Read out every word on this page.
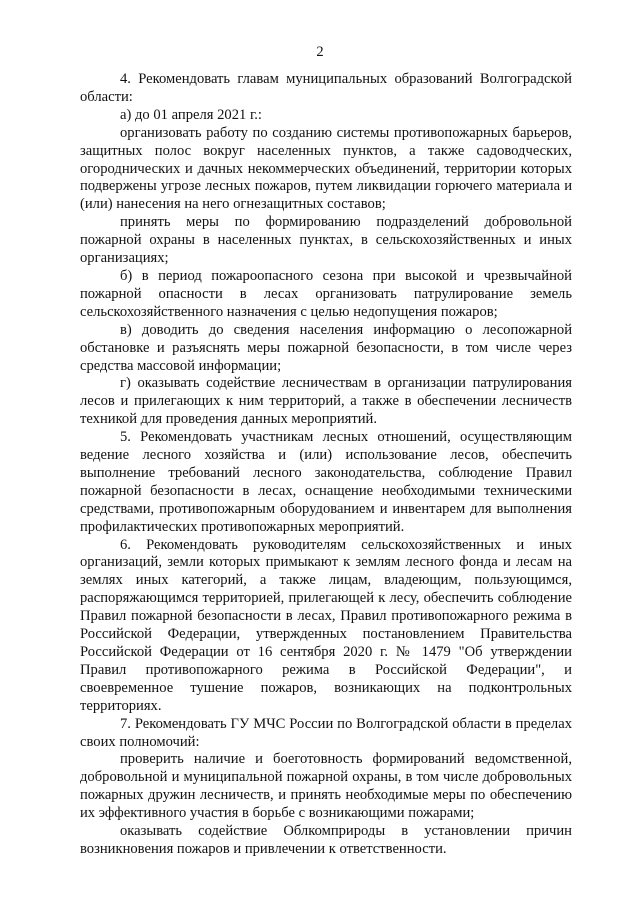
2

4. Рекомендовать главам муниципальных образований Волгоградской области:

а) до 01 апреля 2021 г.:

организовать работу по созданию системы противопожарных барьеров, защитных полос вокруг населенных пунктов, а также садоводческих, огороднических и дачных некоммерческих объединений, территории которых подвержены угрозе лесных пожаров, путем ликвидации горючего материала и (или) нанесения на него огнезащитных составов;

принять меры по формированию подразделений добровольной пожарной охраны в населенных пунктах, в сельскохозяйственных и иных организациях;

б) в период пожароопасного сезона при высокой и чрезвычайной пожарной опасности в лесах организовать патрулирование земель сельскохозяйственного назначения с целью недопущения пожаров;

в) доводить до сведения населения информацию о лесопожарной обстановке и разъяснять меры пожарной безопасности, в том числе через средства массовой информации;

г) оказывать содействие лесничествам в организации патрулирования лесов и прилегающих к ним территорий, а также в обеспечении лесничеств техникой для проведения данных мероприятий.

5. Рекомендовать участникам лесных отношений, осуществляющим ведение лесного хозяйства и (или) использование лесов, обеспечить выполнение требований лесного законодательства, соблюдение Правил пожарной безопасности в лесах, оснащение необходимыми техническими средствами, противопожарным оборудованием и инвентарем для выполнения профилактических противопожарных мероприятий.

6. Рекомендовать руководителям сельскохозяйственных и иных организаций, земли которых примыкают к землям лесного фонда и лесам на землях иных категорий, а также лицам, владеющим, пользующимся, распоряжающимся территорией, прилегающей к лесу, обеспечить соблюдение Правил пожарной безопасности в лесах, Правил противопожарного режима в Российской Федерации, утвержденных постановлением Правительства Российской Федерации от 16 сентября 2020 г. № 1479 "Об утверждении Правил противопожарного режима в Российской Федерации", и своевременное тушение пожаров, возникающих на подконтрольных территориях.

7. Рекомендовать ГУ МЧС России по Волгоградской области в пределах своих полномочий:

проверить наличие и боеготовность формирований ведомственной, добровольной и муниципальной пожарной охраны, в том числе добровольных пожарных дружин лесничеств, и принять необходимые меры по обеспечению их эффективного участия в борьбе с возникающими пожарами;

оказывать содействие Облкомприроды в установлении причин возникновения пожаров и привлечении к ответственности.
